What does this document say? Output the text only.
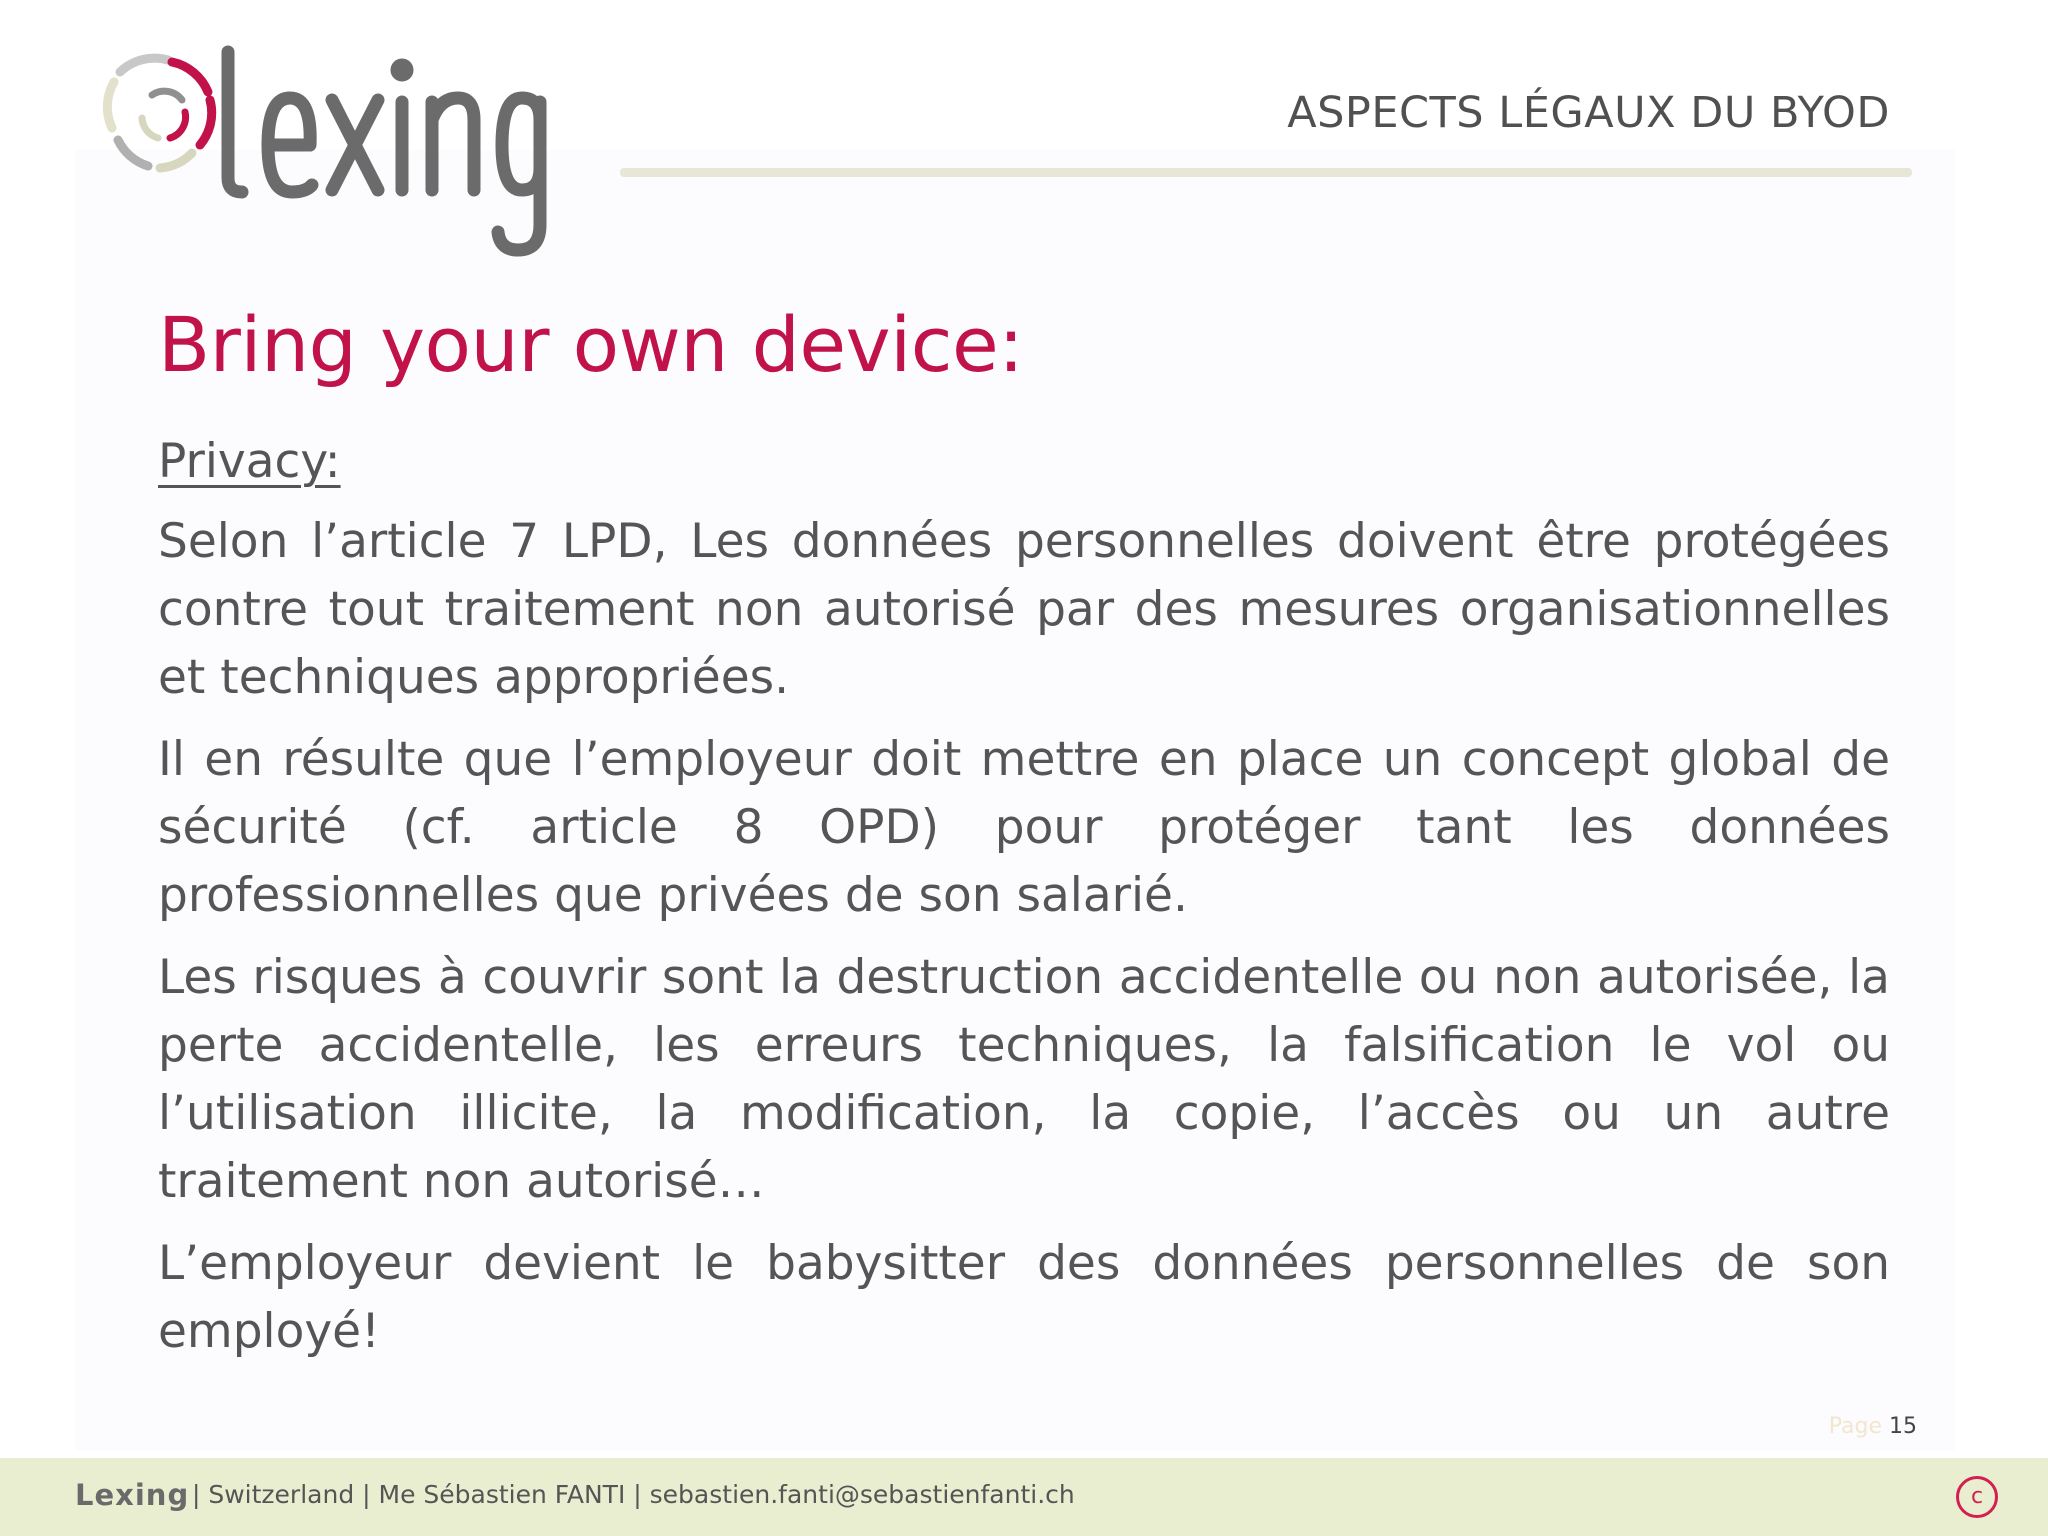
ASPECTS LÉGAUX DU BYOD
Bring your own device:
Privacy:

Selon l’article 7 LPD, Les données personnelles doivent être protégées contre tout traitement non autorisé par des mesures organisationnelles et techniques appropriées.

Il en résulte que l’employeur doit mettre en place un concept global de sécurité (cf. article 8 OPD) pour protéger tant les données professionnelles que privées de son salarié.

Les risques à couvrir sont la destruction accidentelle ou non autorisée, la perte accidentelle, les erreurs techniques, la falsification le vol ou l’utilisation illicite, la modification, la copie, l’accès ou un autre traitement non autorisé…

L’employeur devient le babysitter des données personnelles de son employé!

Page 15
Lexing | Switzerland | Me Sébastien FANTI | sebastien.fanti@sebastienfanti.ch	c
